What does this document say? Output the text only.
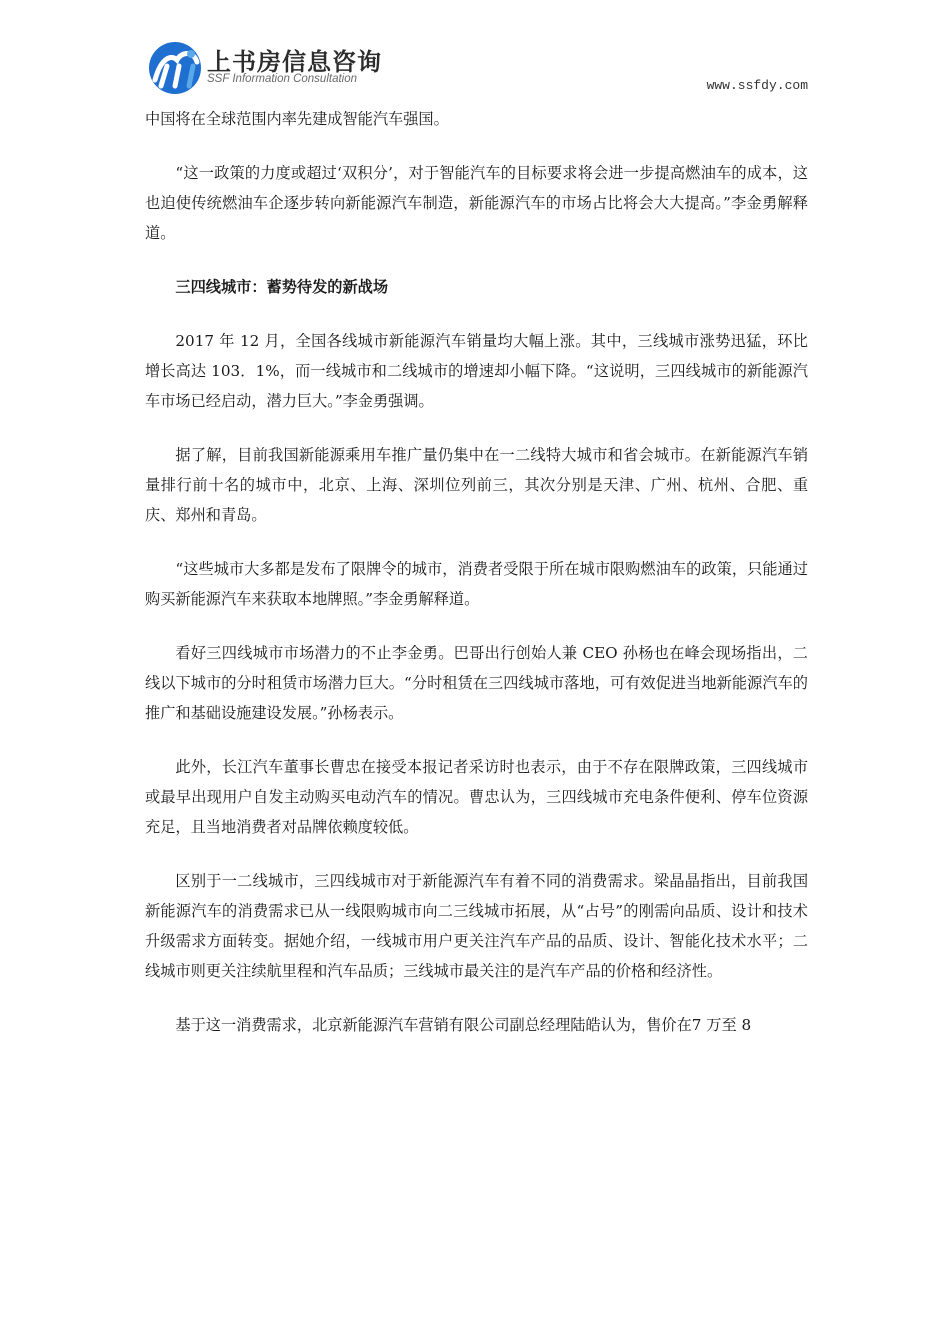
上书房信息咨询
SSF Information Consultation	www.ssfdy.com

中国将在全球范围内率先建成智能汽车强国。

“这一政策的力度或超过‘双积分’，对于智能汽车的目标要求将会进一步提高燃油车的成本，这也迫使传统燃油车企逐步转向新能源汽车制造，新能源汽车的市场占比将会大大提高。”李金勇解释道。

三四线城市：蓄势待发的新战场

2017 年 12 月，全国各线城市新能源汽车销量均大幅上涨。其中，三线城市涨势迅猛，环比增长高达 103．1%，而一线城市和二线城市的增速却小幅下降。“这说明，三四线城市的新能源汽车市场已经启动，潜力巨大。”李金勇强调。

据了解，目前我国新能源乘用车推广量仍集中在一二线特大城市和省会城市。在新能源汽车销量排行前十名的城市中，北京、上海、深圳位列前三，其次分别是天津、广州、杭州、合肥、重庆、郑州和青岛。

“这些城市大多都是发布了限牌令的城市，消费者受限于所在城市限购燃油车的政策，只能通过购买新能源汽车来获取本地牌照。”李金勇解释道。

看好三四线城市市场潜力的不止李金勇。巴哥出行创始人兼 CEO 孙杨也在峰会现场指出，二线以下城市的分时租赁市场潜力巨大。“分时租赁在三四线城市落地，可有效促进当地新能源汽车的推广和基础设施建设发展。”孙杨表示。

此外，长江汽车董事长曹忠在接受本报记者采访时也表示，由于不存在限牌政策，三四线城市或最早出现用户自发主动购买电动汽车的情况。曹忠认为，三四线城市充电条件便利、停车位资源充足，且当地消费者对品牌依赖度较低。

区别于一二线城市，三四线城市对于新能源汽车有着不同的消费需求。梁晶晶指出，目前我国新能源汽车的消费需求已从一线限购城市向二三线城市拓展，从“占号”的刚需向品质、设计和技术升级需求方面转变。据她介绍，一线城市用户更关注汽车产品的品质、设计、智能化技术水平；二线城市则更关注续航里程和汽车品质；三线城市最关注的是汽车产品的价格和经济性。

基于这一消费需求，北京新能源汽车营销有限公司副总经理陆皓认为，售价在7 万至 8
